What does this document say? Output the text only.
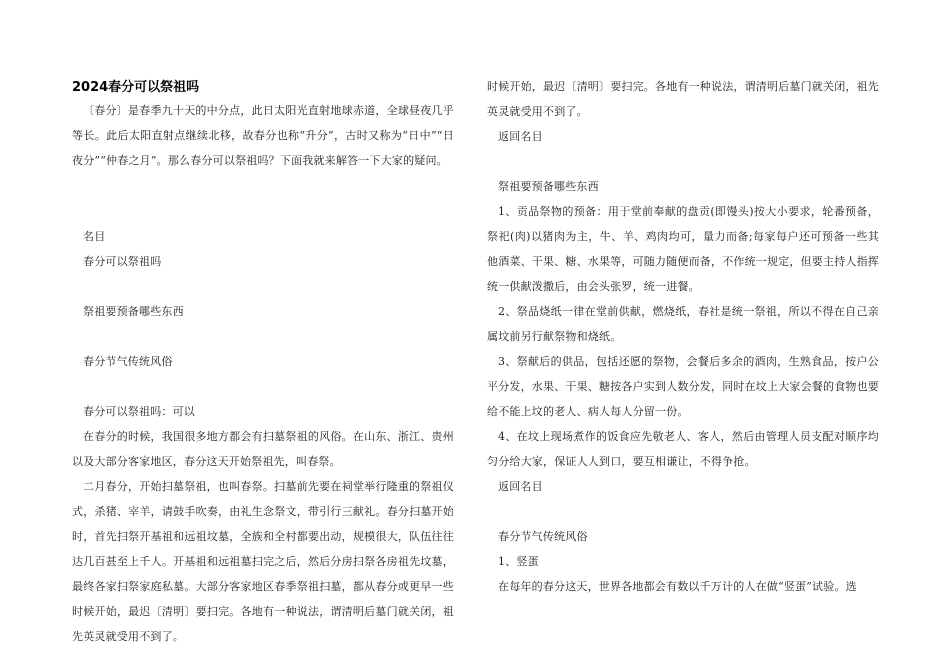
2024春分可以祭祖吗

〔春分〕是春季九十天的中分点，此日太阳光直射地球赤道，全球昼夜几乎等长。此后太阳直射点继续北移，故春分也称“升分”，古时又称为“日中”“日夜分”“仲春之月”。那么春分可以祭祖吗？下面我就来解答一下大家的疑问。

名目

春分可以祭祖吗

祭祖要预备哪些东西

春分节气传统风俗

春分可以祭祖吗：可以

在春分的时候，我国很多地方都会有扫墓祭祖的风俗。在山东、浙江、贵州以及大部分客家地区，春分这天开始祭祖先，叫春祭。

二月春分，开始扫墓祭祖，也叫春祭。扫墓前先要在祠堂举行隆重的祭祖仪式，杀猪、宰羊，请鼓手吹奏，由礼生念祭文，带引行三献礼。春分扫墓开始时，首先扫祭开基祖和远祖坟墓，全族和全村都要出动，规模很大，队伍往往达几百甚至上千人。开基祖和远祖墓扫完之后，然后分房扫祭各房祖先坟墓，最终各家扫祭家庭私墓。大部分客家地区春季祭祖扫墓，都从春分或更早一些时候开始，最迟〔清明〕要扫完。各地有一种说法，谓清明后墓门就关闭，祖先英灵就受用不到了。

时候开始，最迟〔清明〕要扫完。各地有一种说法，谓清明后墓门就关闭，祖先英灵就受用不到了。

返回名目

祭祖要预备哪些东西

1、贡品祭物的预备：用于堂前奉献的盘贡(即馒头)按大小要求，轮番预备，祭祀(肉)以猪肉为主，牛、羊、鸡肉均可，量力而备;每家每户还可预备一些其他酒菜、干果、糖、水果等，可随力随便而备，不作统一规定，但要主持人指挥统一供献泼撒后，由会头张罗，统一进餐。

2、祭品烧纸一律在堂前供献，燃烧纸，春社是统一祭祖，所以不得在自己亲属坟前另行献祭物和烧纸。

3、祭献后的供品，包括还愿的祭物，会餐后多余的酒肉，生熟食品，按户公平分发，水果、干果、糖按各户实到人数分发，同时在坟上大家会餐的食物也要给不能上坟的老人、病人每人分留一份。

4、在坟上现场煮作的饭食应先敬老人、客人，然后由管理人员支配对顺序均匀分给大家，保证人人到口，要互相谦让，不得争抢。

返回名目

春分节气传统风俗

1、竖蛋

在每年的春分这天，世界各地都会有数以千万计的人在做“竖蛋”试验。选
